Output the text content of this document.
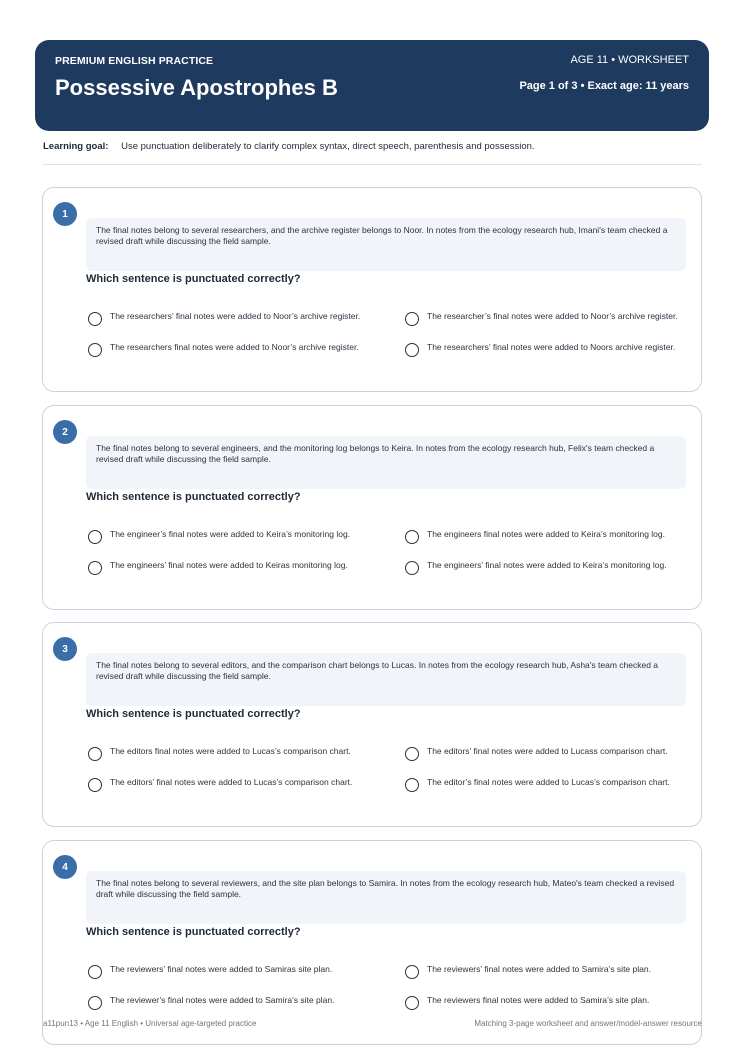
PREMIUM ENGLISH PRACTICE
Possessive Apostrophes B
AGE 11 • WORKSHEET
Page 1 of 3 • Exact age: 11 years
Learning goal: Use punctuation deliberately to clarify complex syntax, direct speech, parenthesis and possession.
1
The final notes belong to several researchers, and the archive register belongs to Noor. In notes from the ecology research hub, Imani's team checked a revised draft while discussing the field sample.
Which sentence is punctuated correctly?
The researchers’ final notes were added to Noor’s archive register.	The researcher’s final notes were added to Noor’s archive register.
The researchers final notes were added to Noor’s archive register.	The researchers’ final notes were added to Noors archive register.
2
The final notes belong to several engineers, and the monitoring log belongs to Keira. In notes from the ecology research hub, Felix's team checked a revised draft while discussing the field sample.
Which sentence is punctuated correctly?
The engineer’s final notes were added to Keira’s monitoring log.	The engineers final notes were added to Keira’s monitoring log.
The engineers’ final notes were added to Keiras monitoring log.	The engineers’ final notes were added to Keira’s monitoring log.
3
The final notes belong to several editors, and the comparison chart belongs to Lucas. In notes from the ecology research hub, Asha's team checked a revised draft while discussing the field sample.
Which sentence is punctuated correctly?
The editors final notes were added to Lucas’s comparison chart.	The editors’ final notes were added to Lucass comparison chart.
The editors’ final notes were added to Lucas’s comparison chart.	The editor’s final notes were added to Lucas’s comparison chart.
4
The final notes belong to several reviewers, and the site plan belongs to Samira. In notes from the ecology research hub, Mateo's team checked a revised draft while discussing the field sample.
Which sentence is punctuated correctly?
The reviewers’ final notes were added to Samiras site plan.	The reviewers’ final notes were added to Samira’s site plan.
The reviewer’s final notes were added to Samira’s site plan.	The reviewers final notes were added to Samira’s site plan.
a11pun13 • Age 11 English • Universal age-targeted practice	Matching 3-page worksheet and answer/model-answer resource
